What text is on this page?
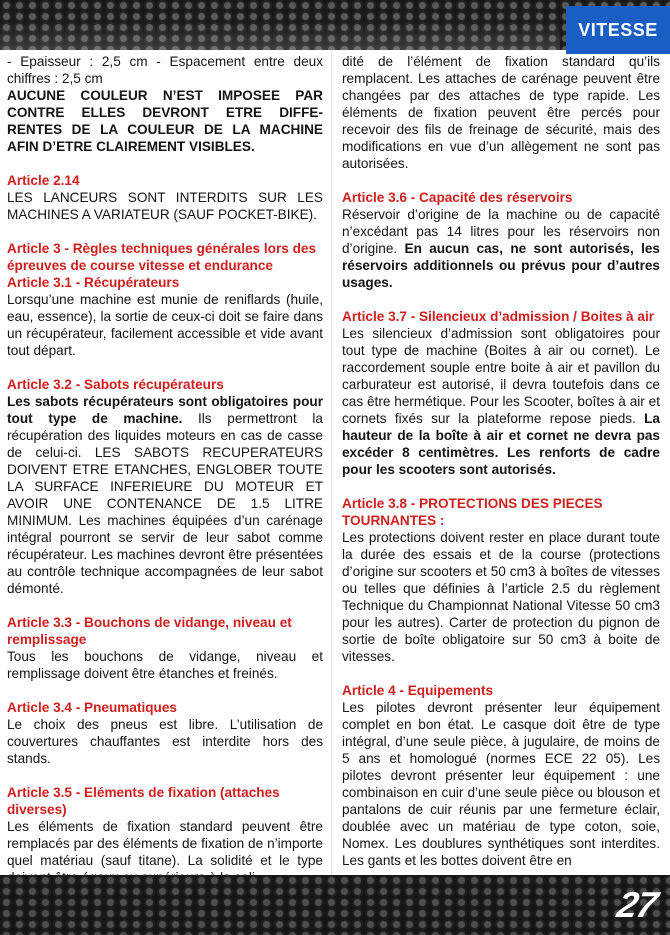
VITESSE

- Epaisseur : 2,5 cm - Espacement entre deux chiffres : 2,5 cm

AUCUNE COULEUR N’EST IMPOSEE PAR CONTRE ELLES DEVRONT ETRE DIFFE-RENTES DE LA COULEUR DE LA MACHINE AFIN D’ETRE CLAIREMENT VISIBLES.

Article 2.14

LES LANCEURS SONT INTERDITS SUR LES MACHINES A VARIATEUR (SAUF POCKET-BIKE).

Article 3 - Règles techniques générales lors des épreuves de course vitesse et endurance
Article 3.1 - Récupérateurs

Lorsqu’une machine est munie de reniflards (huile, eau, essence), la sortie de ceux-ci doit se faire dans un récupérateur, facilement accessible et vide avant tout départ.

Article 3.2 - Sabots récupérateurs

Les sabots récupérateurs sont obligatoires pour tout type de machine. Ils permettront la récupération des liquides moteurs en cas de casse de celui-ci. LES SABOTS RECUPERATEURS DOIVENT ETRE ETANCHES, ENGLOBER TOUTE LA SURFACE INFERIEURE DU MOTEUR ET AVOIR UNE CONTENANCE DE 1.5 LITRE MINIMUM. Les machines équipées d’un carénage intégral pourront se servir de leur sabot comme récupérateur. Les machines devront être présentées au contrôle technique accompagnées de leur sabot démonté.

Article 3.3 - Bouchons de vidange, niveau et remplissage

Tous les bouchons de vidange, niveau et remplissage doivent être étanches et freinés.

Article 3.4 - Pneumatiques

Le choix des pneus est libre. L’utilisation de couvertures chauffantes est interdite hors des stands.

Article 3.5 - Eléments de fixation (attaches diverses)

Les éléments de fixation standard peuvent être remplacés par des éléments de fixation de n’importe quel matériau (sauf titane). La solidité et le type

dité de l’élément de fixation standard qu’ils remplacent. Les attaches de carénage peuvent être changées par des attaches de type rapide. Les éléments de fixation peuvent être percés pour recevoir des fils de freinage de sécurité, mais des modifications en vue d’un allègement ne sont pas autorisées.

Article 3.6 - Capacité des réservoirs

Réservoir d’origine de la machine ou de capacité n’excédant pas 14 litres pour les réservoirs non d’origine. En aucun cas, ne sont autorisés, les réservoirs additionnels ou prévus pour d’autres usages.

Article 3.7 - Silencieux d’admission / Boites à air

Les silencieux d’admission sont obligatoires pour tout type de machine (Boites à air ou cornet). Le raccordement souple entre boite à air et pavillon du carburateur est autorisé, il devra toutefois dans ce cas être hermétique. Pour les Scooter, boîtes à air et cornets fixés sur la plateforme repose pieds. La hauteur de la boîte à air et cornet ne devra pas excéder 8 centimètres. Les renforts de cadre pour les scooters sont autorisés.

Article 3.8 - PROTECTIONS DES PIECES TOURNANTES :

Les protections doivent rester en place durant toute la durée des essais et de la course (protections d’origine sur scooters et 50 cm3 à boîtes de vitesses ou telles que définies à l’article 2.5 du règlement Technique du Championnat National Vitesse 50 cm3 pour les autres). Carter de protection du pignon de sortie de boîte obligatoire sur 50 cm3 à boite de vitesses.

Article 4 - Equipements

Les pilotes devront présenter leur équipement complet en bon état. Le casque doit être de type intégral, d’une seule pièce, à jugulaire, de moins de 5 ans et homologué (normes ECE 22 05). Les pilotes devront présenter leur équipement : une combinaison en cuir d’une seule pièce ou blouson et pantalons de cuir réunis par une fermeture éclair, doublée avec un matériau de type coton, soie, Nomex. Les doublures synthétiques sont interdites. Les gants et les bottes doivent être en

27
